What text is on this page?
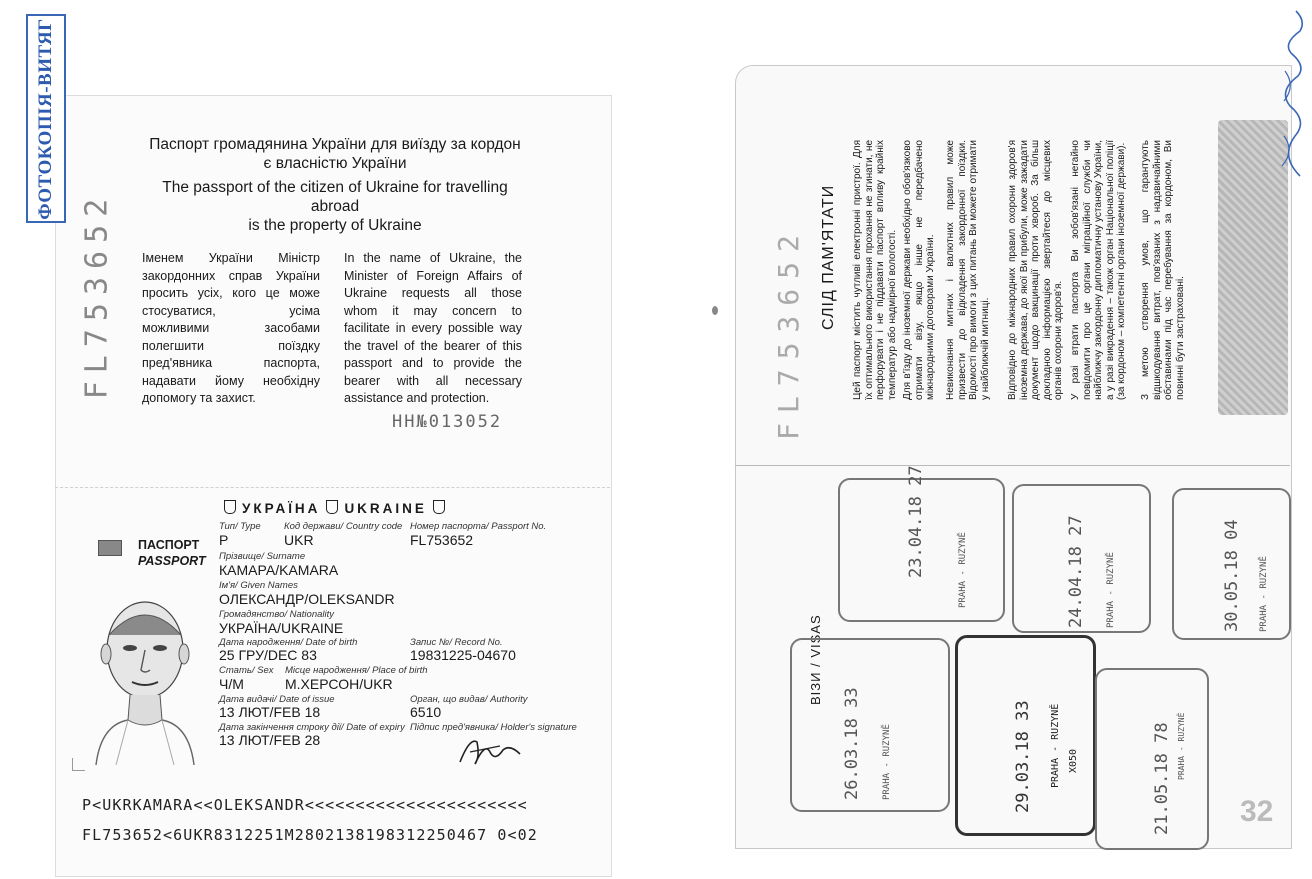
ФОТОКОПІЯ-ВИТЯГ
FL753652
Паспорт громадянина України для виїзду за кордон
є власністю України
The passport of the citizen of Ukraine for travelling abroad
is the property of Ukraine
Іменем України Міністр закордонних справ України просить усіх, кого це може стосуватися, усіма можливими засобами полегшити поїздку пред'явника паспорта, надавати йому необхідну допомогу та захист.
In the name of Ukraine, the Minister of Foreign Affairs of Ukraine requests all those whom it may concern to facilitate in every possible way the travel of the bearer of this passport and to provide the bearer with all necessary assistance and protection.
НН№013052
УКРАЇНА UKRAINE
ПАСПОРТ
PASSPORT
Тип/ Type
P
Код держави/ Country code
UKR
Номер паспорта/ Passport No.
FL753652
Прізвище/ Surname
КАМАРА/KAMARA
Ім'я/ Given Names
ОЛЕКСАНДР/OLEKSANDR
Громадянство/ Nationality
УКРАЇНА/UKRAINE
Дата народження/ Date of birth
25 ГРУ/DEC 83
Запис №/ Record No.
19831225-04670
Стать/ Sex
Ч/M
Місце народження/ Place of birth
М.ХЕРСОН/UKR
Дата видачі/ Date of issue
13 ЛЮТ/FEB 18
Орган, що видав/ Authority
6510
Дата закінчення строку дії/ Date of expiry
13 ЛЮТ/FEB 28
Підпис пред'явника/ Holder's signature
P<UKRKAMARA<<OLEKSANDR<<<<<<<<<<<<<<<<<<<<<<
FL753652<6UKR8312251M2802138198312250467 0<02
FL753652 СЛІД ПАМ'ЯТАТИ Цей паспорт містить чутливі електронні пристрої. Для їх оптимального використання прохання не згинати, не перфорувати і не піддавати паспорт впливу крайніх температур або надмірної вологості. Для в'їзду до іноземної держави необхідно обов'язково отримати візу, якщо інше не передбачено міжнародними договорами України. Невиконання митних і валютних правил може призвести до відкладення закордонної поїздки. Відомості про вимоги з цих питань Ви можете отримати у найближчій митниці. Відповідно до міжнародних правил охорони здоров'я іноземна держава, до якої Ви прибули, може зажадати документ щодо вакцинації проти хвороб. За більш докладною інформацією звертайтеся до місцевих органів охорони здоров'я. У разі втрати паспорта Ви зобов'язані негайно повідомити про це органи міграційної служби чи найближчу закордонну дипломатичну установу України, а у разі викрадення – також орган Національної поліції (за кордоном – компетентні органи іноземної держави). З метою створення умов, що гарантують відшкодування витрат, пов'язаних з надзвичайними обставинами під час перебування за кордоном, Ви повинні бути застраховані.
ВІЗИ / VISAS
23.04.18 27	PRAHA - RUZYNĚ	24.04.18 27 PRAHA - RUZYNĚ	30.05.18 04 PRAHA - RUZYNĚ
26.03.18 33 PRAHA - RUZYNĚ	29.03.18 33 PRAHA - RUZYNĚ X050	21.05.18 78 PRAHA - RUZYNĚ
32
